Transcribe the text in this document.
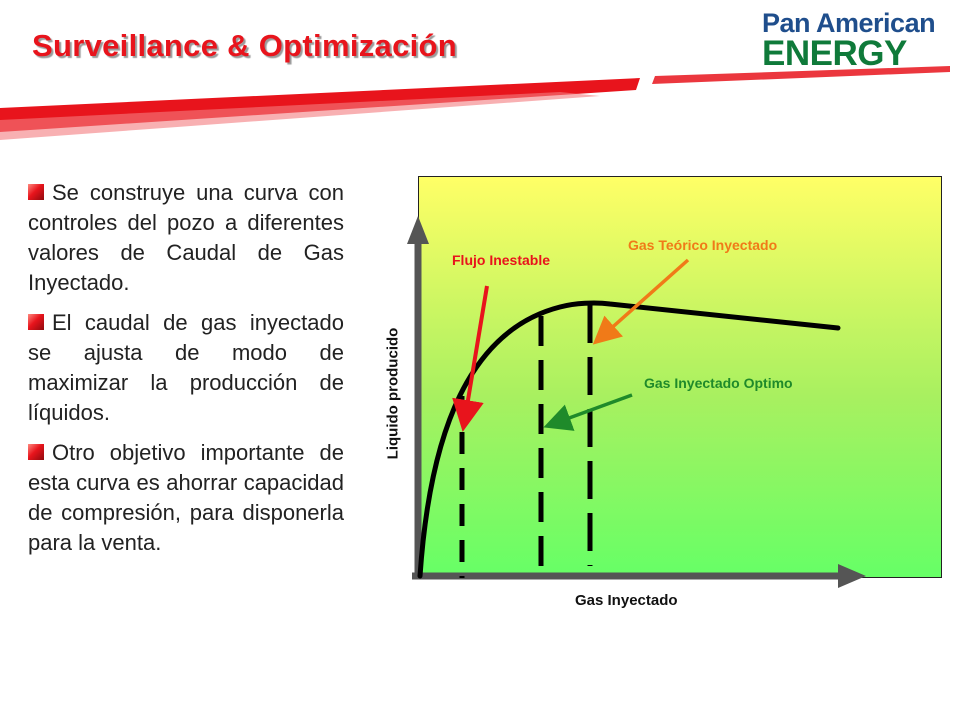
Surveillance & Optimización
Pan American
ENERGY

Se construye una curva con controles del pozo a diferentes valores de Caudal de Gas Inyectado.

El caudal de gas inyectado se ajusta de modo de maximizar la producción de líquidos.

Otro objetivo importante de esta curva es ahorrar capacidad de compresión, para disponerla para la venta.

Flujo Inestable
Gas Teórico Inyectado
Gas Inyectado Optimo
Gas Inyectado
Liquido producido
